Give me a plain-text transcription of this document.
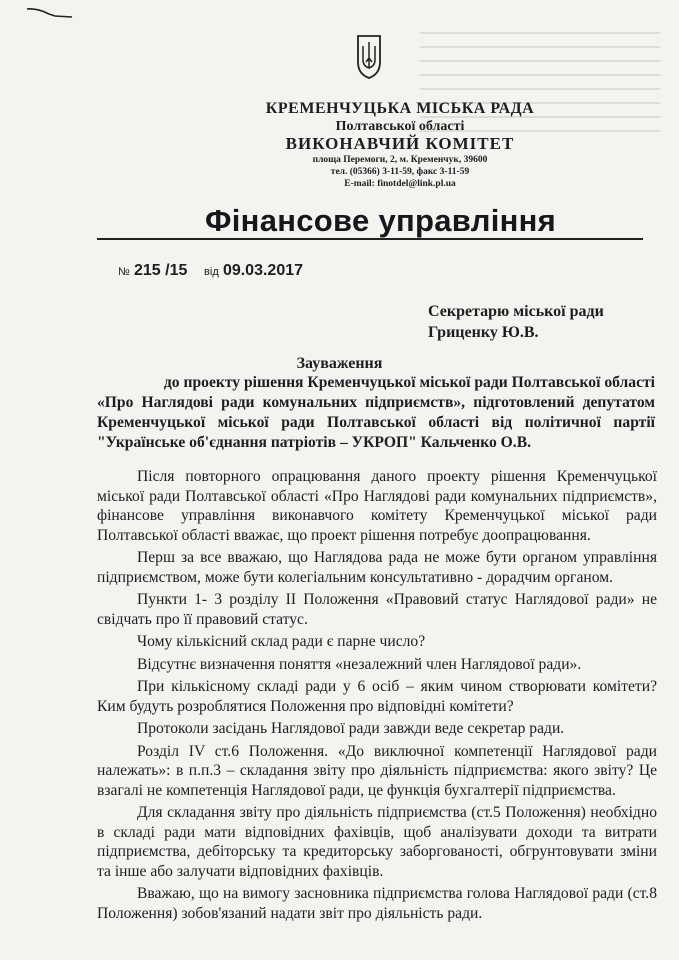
КРЕМЕНЧУЦЬКА МІСЬКА РАДА
Полтавської області
ВИКОНАВЧИЙ КОМІТЕТ
площа Перемоги, 2, м. Кременчук, 39600
тел. (05366) 3-11-59, факс 3-11-59
E-mail: finotdel@link.pl.ua
Фінансове управління
№ 215 /15 від 09.03.2017
Секретарю міської ради
Гриценку Ю.В.
Зауваження
до проекту рішення Кременчуцької міської ради Полтавської області
«Про Наглядові ради комунальних підприємств», підготовлений депутатом
Кременчуцької міської ради Полтавської області від політичної партії
"Українське об'єднання патріотів – УКРОП" Кальченко О.В.

Після повторного опрацювання даного проекту рішення Кременчуцької міської ради Полтавської області «Про Наглядові ради комунальних підприємств», фінансове управління виконавчого комітету Кременчуцької міської ради Полтавської області вважає, що проект рішення потребує доопрацювання.

Перш за все вважаю, що Наглядова рада не може бути органом управління підприємством, може бути колегіальним консультативно - дорадчим органом.

Пункти 1- 3 розділу ІІ Положення «Правовий статус Наглядової ради» не свідчать про її правовий статус.

Чому кількісний склад ради є парне число?

Відсутнє визначення поняття «незалежний член Наглядової ради».

При кількісному складі ради у 6 осіб – яким чином створювати комітети? Ким будуть розроблятися Положення про відповідні комітети?

Протоколи засідань Наглядової ради завжди веде секретар ради.

Розділ IV ст.6 Положення. «До виключної компетенції Наглядової ради належать»: в п.п.3 – складання звіту про діяльність підприємства: якого звіту? Це взагалі не компетенція Наглядової ради, це функція бухгалтерії підприємства.

Для складання звіту про діяльність підприємства (ст.5 Положення) необхідно в складі ради мати відповідних фахівців, щоб аналізувати доходи та витрати підприємства, дебіторську та кредиторську заборгованості, обгрунтовувати зміни та інше або залучати відповідних фахівців.

Вважаю, що на вимогу засновника підприємства голова Наглядової ради (ст.8 Положення) зобов'язаний надати звіт про діяльність ради.
